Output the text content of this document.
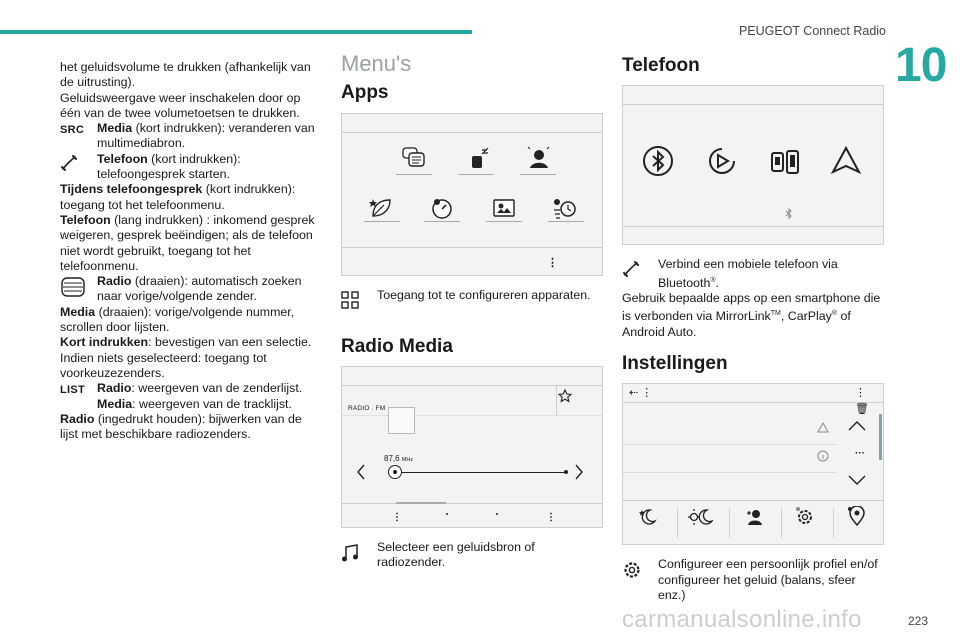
PEUGEOT Connect Radio
10

het geluidsvolume te drukken (afhankelijk van de uitrusting).

Geluidsweergave weer inschakelen door op één van de twee volumetoetsen te drukken.

SRC Media (kort indrukken): veranderen van multimediabron.
Telefoon (kort indrukken): telefoongesprek starten.

Tijdens telefoongesprek (kort indrukken): toegang tot het telefoonmenu.

Telefoon (lang indrukken) : inkomend gesprek weigeren, gesprek beëindigen; als de telefoon niet wordt gebruikt, toegang tot het telefoonmenu.

Radio (draaien): automatisch zoeken naar vorige/volgende zender.

Media (draaien): vorige/volgende nummer, scrollen door lijsten.

Kort indrukken: bevestigen van een selectie. Indien niets geselecteerd: toegang tot voorkeuzezenders.

LIST Radio: weergeven van de zenderlijst.
Media: weergeven van de tracklijst.

Radio (ingedrukt houden): bijwerken van de lijst met beschikbare radiozenders.

Menu's
Apps
⋮
Toegang tot te configureren apparaten.
Radio Media
RADIO . FM
87,6 MHz
⋮	⋮
Selecteer een geluidsbron of radiozender.
Telefoon
Verbind een mobiele telefoon via Bluetooth®.

Gebruik bepaalde apps op een smartphone die is verbonden via MirrorLink™, CarPlay® of Android Auto.

Instellingen
⇠ ⋮	⋮ 🗑
···
Configureer een persoonlijk profiel en/of configureer het geluid (balans, sfeer enz.)
carmanualsonline.info	223
